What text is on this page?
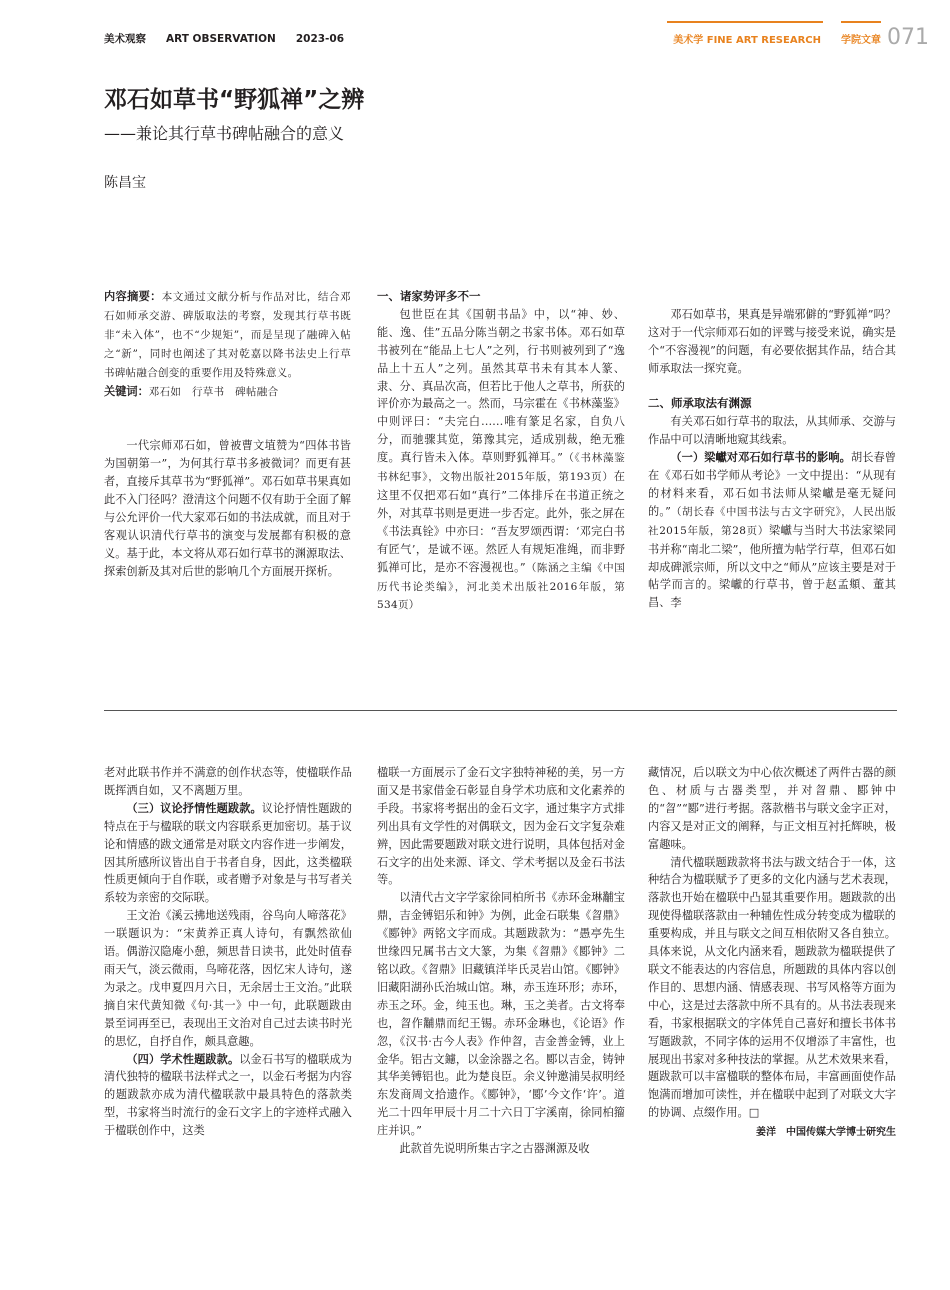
美术观察 ART OBSERVATION 2023-06	美术学 FINE ART RESEARCH 学院文章 071
邓石如草书“野狐禅”之辨
——兼论其行草书碑帖融合的意义
陈昌宝

内容摘要：本文通过文献分析与作品对比，结合邓石如师承交游、碑版取法的考察，发现其行草书既非“未入体”，也不“少规矩”，而是呈现了融碑入帖之“新”，同时也阐述了其对乾嘉以降书法史上行草书碑帖融合创变的重要作用及特殊意义。

关键词：邓石如　行草书　碑帖融合

一代宗师邓石如，曾被曹文埴赞为“四体书皆为国朝第一”，为何其行草书多被微词？而更有甚者，直接斥其草书为“野狐禅”。邓石如草书果真如此不入门径吗？澄清这个问题不仅有助于全面了解与公允评价一代大家邓石如的书法成就，而且对于客观认识清代行草书的演变与发展都有积极的意义。基于此，本文将从邓石如行草书的渊源取法、探索创新及其对后世的影响几个方面展开探析。

一、诸家势评多不一

包世臣在其《国朝书品》中，以“神、妙、能、逸、佳”五品分陈当朝之书家书体。邓石如草书被列在“能品上七人”之列，行书则被列到了“逸品上十五人”之列。虽然其草书未有其本人篆、隶、分、真品次高，但若比于他人之草书，所获的评价亦为最高之一。然而，马宗霍在《书林藻鉴》中则评曰：“夫完白……唯有篆足名家，自负八分，而驰骤其览，第豫其完，适成别裁，绝无雅度。真行皆未入体。草则野狐禅耳。”（《书林藻鉴 书林纪事》，文物出版社2015年版，第193页）在这里不仅把邓石如“真行”二体排斥在书道正统之外，对其草书则是更进一步否定。此外，张之屏在《书法真铨》中亦曰：“吾友罗颂西谓：‘邓完白书有匠气’，是诚不诬。然匠人有规矩准绳，而非野狐禅可比，是亦不容漫视也。”（陈涵之主编《中国历代书论类编》，河北美术出版社2016年版，第534页）

邓石如草书，果真是异端邪僻的“野狐禅”吗？这对于一代宗师邓石如的评骘与接受来说，确实是个“不容漫视”的问题，有必要依据其作品，结合其师承取法一探究竟。

二、师承取法有渊源

有关邓石如行草书的取法，从其师承、交游与作品中可以清晰地窥其线索。

（一）梁巘对邓石如行草书的影响。胡长春曾在《邓石如书学师从考论》一文中提出：“从现有的材料来看，邓石如书法师从梁巘是毫无疑问的。”（胡长春《中国书法与古文字研究》，人民出版社2015年版，第28页）梁巘与当时大书法家梁同书并称“南北二梁”，他所擅为帖学行草，但邓石如却成碑派宗师，所以文中之“师从”应该主要是对于帖学而言的。梁巘的行草书，曾于赵孟頫、董其昌、李

老对此联书作并不满意的创作状态等，使楹联作品既挥洒自如，又不离题万里。

（三）议论抒情性题跋款。议论抒情性题跋的特点在于与楹联的联文内容联系更加密切。基于议论和情感的跋文通常是对联文内容作进一步阐发，因其所感所议皆出自于书者自身，因此，这类楹联性质更倾向于自作联，或者赠予对象是与书写者关系较为亲密的交际联。

王文治《溪云拂地送残雨，谷鸟向人啼落花》一联题识为：“宋黄养正真人诗句，有飘然欲仙语。偶游汉隐庵小憩，频思昔日读书，此处时值春雨天气，淡云微雨，鸟啼花落，因忆宋人诗句，遂为录之。戊申夏四月六日，无余居士王文治。”此联摘自宋代黄知微《句·其一》中一句，此联题跋由景至词再至已，表现出王文治对自己过去读书时光的思忆，自抒自作，颇具意趣。

（四）学术性题跋款。以金石书写的楹联成为清代独特的楹联书法样式之一，以金石考据为内容的题跋款亦成为清代楹联款中最具特色的落款类型，书家将当时流行的金石文字上的字迹样式融入于楹联创作中，这类

楹联一方面展示了金石文字独特神秘的美，另一方面又是书家借金石彰显自身学术功底和文化素养的手段。书家将考据出的金石文字，通过集字方式排列出具有文学性的对偶联文，因为金石文字复杂难辨，因此需要题跋对联文进行说明，具体包括对金石文字的出处来源、译文、学术考据以及金石书法等。

以清代古文字学家徐同柏所书《赤环金琳黼宝鼎，吉金镈铝乐和钟》为例，此金石联集《曶鼎》《郾钟》两铭文字而成。其题跋款为：“愚亭先生世缘四兄属书古文大篆，为集《曶鼎》《郾钟》二铭以政。《曶鼎》旧藏镇洋毕氏灵岩山馆。《郾钟》旧藏阳湖孙氏治城山馆。琳，赤玉连环形；赤环，赤玉之环。金，纯玉也。琳，玉之美者。古文将奉也，曶作黼鼎而纪王锡。赤环金琳也，《论语》作忽，《汉书·古今人表》作仲曶，吉金善金镈，业上金华。铝古文鑢，以金涂器之名。郾以吉金，铸钟其华美镈铝也。此为楚良臣。余义钟邀浦吴叔明经东发商周文拾遗作。《郾钟》，‘郾’今文作‘许’。道光二十四年甲辰十月二十六日丁字溪南，徐同柏籀庄并识。”

此款首先说明所集古字之古器渊源及收

藏情况，后以联文为中心依次概述了两件古器的颜色、材质与古器类型，并对曶鼎、郾钟中的“曶”“郾”进行考据。落款楷书与联文金字正对，内容又是对正文的阐释，与正文相互衬托辉映，极富趣味。

清代楹联题跋款将书法与跋文结合于一体，这种结合为楹联赋予了更多的文化内涵与艺术表现，落款也开始在楹联中凸显其重要作用。题跋款的出现使得楹联落款由一种辅佐性成分转变成为楹联的重要构成，并且与联文之间互相依附又各自独立。具体来说，从文化内涵来看，题跋款为楹联提供了联文不能表达的内容信息，所题跋的具体内容以创作目的、思想内涵、情感表现、书写风格等方面为中心，这是过去落款中所不具有的。从书法表现来看，书家根据联文的字体凭自己喜好和擅长书体书写题跋款，不同字体的运用不仅增添了丰富性，也展现出书家对多种技法的掌握。从艺术效果来看，题跋款可以丰富楹联的整体布局，丰富画面使作品饱满而增加可读性，并在楹联中起到了对联文大字的协调、点缀作用。□

姜洋　中国传媒大学博士研究生
